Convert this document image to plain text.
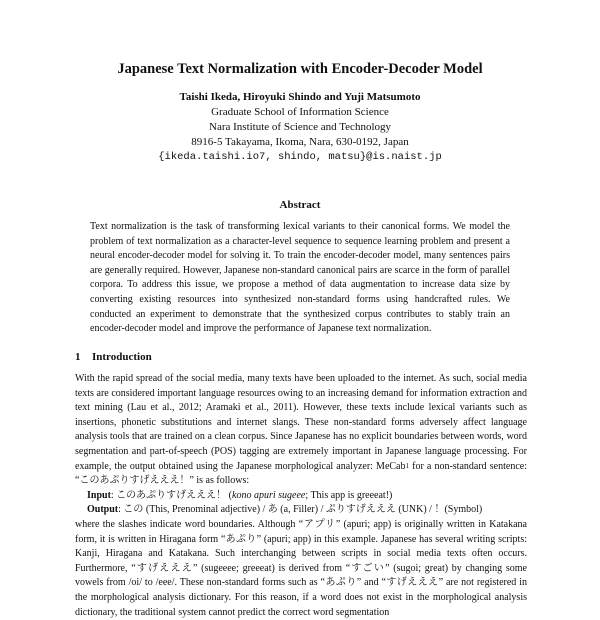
Japanese Text Normalization with Encoder-Decoder Model
Taishi Ikeda, Hiroyuki Shindo and Yuji Matsumoto
Graduate School of Information Science
Nara Institute of Science and Technology
8916-5 Takayama, Ikoma, Nara, 630-0192, Japan
{ikeda.taishi.io7, shindo, matsu}@is.naist.jp
Abstract
Text normalization is the task of transforming lexical variants to their canonical forms. We model the problem of text normalization as a character-level sequence to sequence learning problem and present a neural encoder-decoder model for solving it. To train the encoder-decoder model, many sentences pairs are generally required. However, Japanese non-standard canonical pairs are scarce in the form of parallel corpora. To address this issue, we propose a method of data augmentation to increase data size by converting existing resources into synthesized non-standard forms using handcrafted rules. We conducted an experiment to demonstrate that the synthesized corpus contributes to stably train an encoder-decoder model and improve the performance of Japanese text normalization.
1 Introduction

With the rapid spread of the social media, many texts have been uploaded to the internet. As such, social media texts are considered important language resources owing to an increasing demand for information extraction and text mining (Lau et al., 2012; Aramaki et al., 2011). However, these texts include lexical variants such as insertions, phonetic substitutions and internet slangs. These non-standard forms adversely affect language analysis tools that are trained on a clean corpus. Since Japanese has no explicit boundaries between words, word segmentation and part-of-speech (POS) tagging are extremely important in Japanese language processing. For example, the output obtained using the Japanese morphological analyzer: MeCab$^1$ for a non-standard sentence: “このあぷりすげえええ！” is as follows:

Input: このあぷりすげえええ！ (kono apuri sugeee; This app is greeeat!)

Output: この (This, Prenominal adjective) / あ (a, Filler) / ぷりすげえええ (UNK) / ！(Symbol)

where the slashes indicate word boundaries. Although “アプリ” (apuri; app) is originally written in Katakana form, it is written in Hiragana form “あぷり” (apuri; app) in this example. Japanese has several writing scripts: Kanji, Hiragana and Katakana. Such interchanging between scripts in social media texts often occurs. Furthermore, “すげえええ” (sugeeee; greeeat) is derived from “すごい” (sugoi; great) by changing some vowels from /oi/ to /eee/. These non-standard forms such as “あぷり” and “すげえええ” are not registered in the morphological analysis dictionary. For this reason, if a word does not exist in the morphological analysis dictionary, the traditional system cannot predict the correct word segmentation
